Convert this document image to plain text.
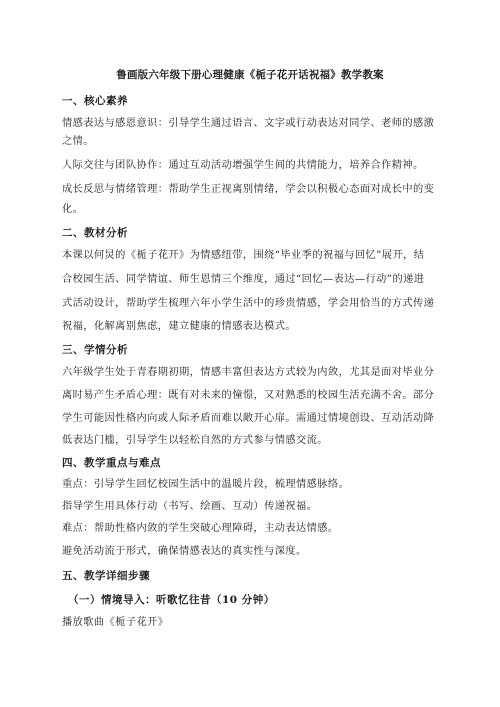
鲁画版六年级下册心理健康《栀子花开话祝福》教学教案
一、核心素养
情感表达与感恩意识：引导学生通过语言、文字或行动表达对同学、老师的感激
之情。
人际交往与团队协作：通过互动活动增强学生间的共情能力，培养合作精神。
成长反思与情绪管理：帮助学生正视离别情绪，学会以积极心态面对成长中的变
化。
二、教材分析
本课以何炅的《栀子花开》为情感纽带，围绕“毕业季的祝福与回忆”展开，结
合校园生活、同学情谊、师生恩情三个维度，通过“回忆—表达—行动”的递进
式活动设计，帮助学生梳理六年小学生活中的珍贵情感，学会用恰当的方式传递
祝福，化解离别焦虑，建立健康的情感表达模式。
三、学情分析
六年级学生处于青春期初期，情感丰富但表达方式较为内敛，尤其是面对毕业分
离时易产生矛盾心理：既有对未来的憧憬，又对熟悉的校园生活充满不舍。部分
学生可能因性格内向或人际矛盾而难以敞开心扉。需通过情境创设、互动活动降
低表达门槛，引导学生以轻松自然的方式参与情感交流。
四、教学重点与难点
重点：引导学生回忆校园生活中的温暖片段，梳理情感脉络。
指导学生用具体行动（书写、绘画、互动）传递祝福。
难点：帮助性格内敛的学生突破心理障碍，主动表达情感。
避免活动流于形式，确保情感表达的真实性与深度。
五、教学详细步骤
（一）情境导入：听歌忆往昔（10 分钟）
播放歌曲《栀子花开》
